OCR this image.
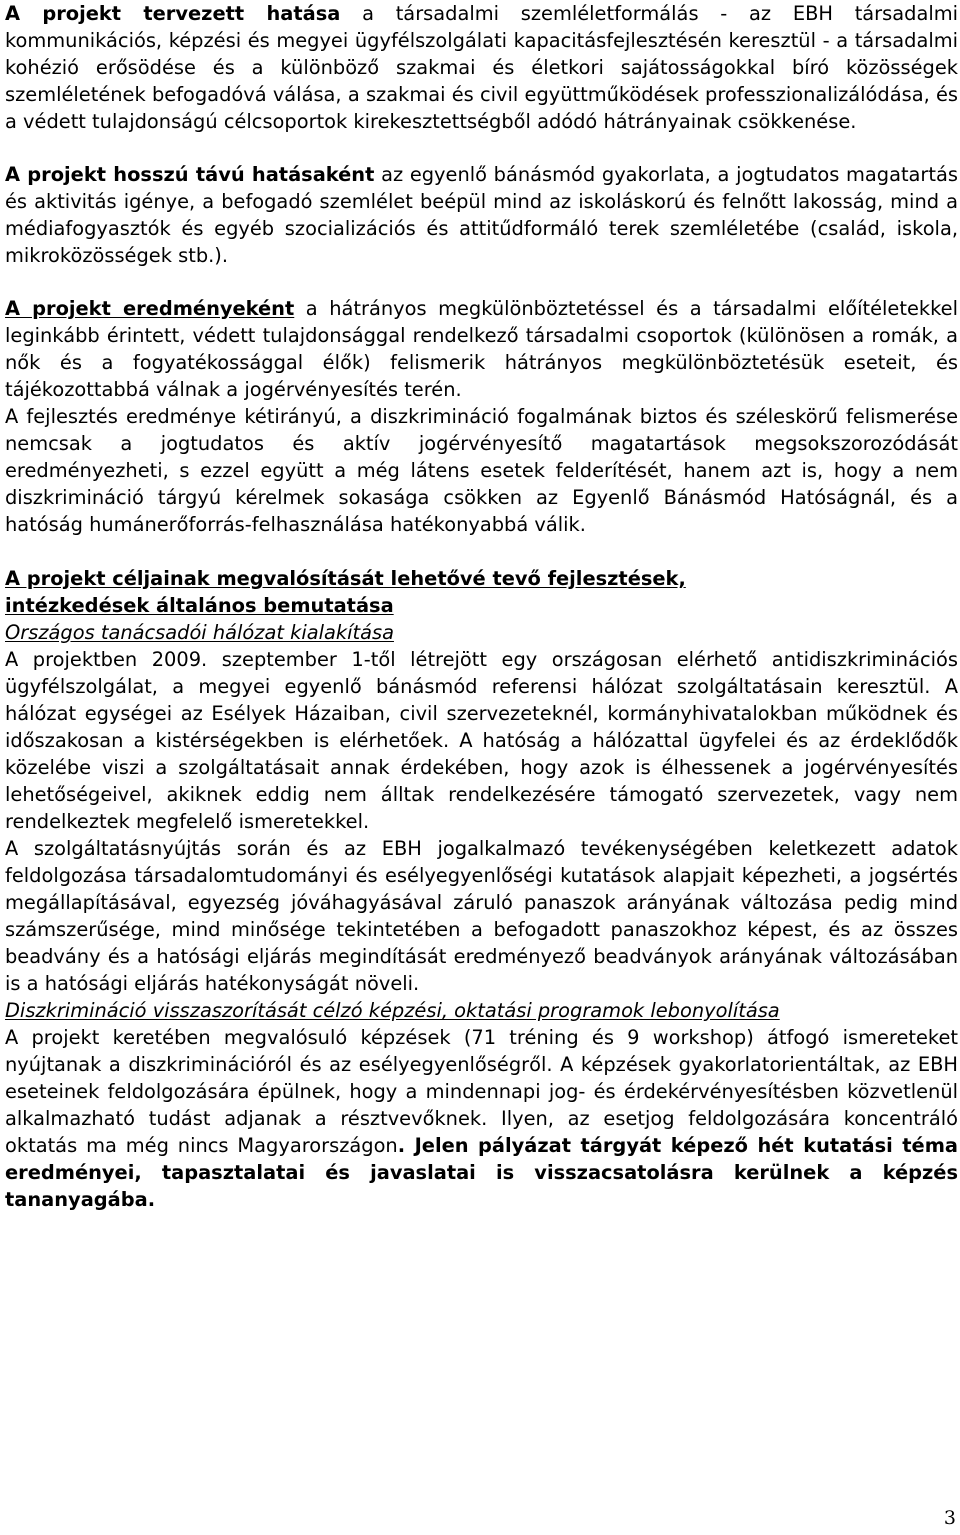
A projekt tervezett hatása a társadalmi szemléletformálás - az EBH társadalmi kommunikációs, képzési és megyei ügyfélszolgálati kapacitásfejlesztésén keresztül - a társadalmi kohézió erősödése és a különböző szakmai és életkori sajátosságokkal bíró közösségek szemléletének befogadóvá válása, a szakmai és civil együttműködések professzionalizálódása, és a védett tulajdonságú célcsoportok kirekesztettségből adódó hátrányainak csökkenése.

A projekt hosszú távú hatásaként az egyenlő bánásmód gyakorlata, a jogtudatos magatartás és aktivitás igénye, a befogadó szemlélet beépül mind az iskoláskorú és felnőtt lakosság, mind a médiafogyasztók és egyéb szocializációs és attitűdformáló terek szemléletébe (család, iskola, mikroközösségek stb.).

A projekt eredményeként a hátrányos megkülönböztetéssel és a társadalmi előítéletekkel leginkább érintett, védett tulajdonsággal rendelkező társadalmi csoportok (különösen a romák, a nők és a fogyatékossággal élők) felismerik hátrányos megkülönböztetésük eseteit, és tájékozottabbá válnak a jogérvényesítés terén.

A fejlesztés eredménye kétirányú, a diszkrimináció fogalmának biztos és széleskörű felismerése nemcsak a jogtudatos és aktív jogérvényesítő magatartások megsokszorozódását eredményezheti, s ezzel együtt a még látens esetek felderítését, hanem azt is, hogy a nem diszkrimináció tárgyú kérelmek sokasága csökken az Egyenlő Bánásmód Hatóságnál, és a hatóság humánerőforrás-felhasználása hatékonyabbá válik.

A projekt céljainak megvalósítását lehetővé tevő fejlesztések,

intézkedések általános bemutatása

Országos tanácsadói hálózat kialakítása

A projektben 2009. szeptember 1-től létrejött egy országosan elérhető antidiszkriminációs ügyfélszolgálat, a megyei egyenlő bánásmód referensi hálózat szolgáltatásain keresztül. A hálózat egységei az Esélyek Házaiban, civil szervezeteknél, kormányhivatalokban működnek és időszakosan a kistérségekben is elérhetőek. A hatóság a hálózattal ügyfelei és az érdeklődők közelébe viszi a szolgáltatásait annak érdekében, hogy azok is élhessenek a jogérvényesítés lehetőségeivel, akiknek eddig nem álltak rendelkezésére támogató szervezetek, vagy nem rendelkeztek megfelelő ismeretekkel.

A szolgáltatásnyújtás során és az EBH jogalkalmazó tevékenységében keletkezett adatok feldolgozása társadalomtudományi és esélyegyenlőségi kutatások alapjait képezheti, a jogsértés megállapításával, egyezség jóváhagyásával záruló panaszok arányának változása pedig mind számszerűsége, mind minősége tekintetében a befogadott panaszokhoz képest, és az összes beadvány és a hatósági eljárás megindítását eredményező beadványok arányának változásában is a hatósági eljárás hatékonyságát növeli.

Diszkrimináció visszaszorítását célzó képzési, oktatási programok lebonyolítása

A projekt keretében megvalósuló képzések (71 tréning és 9 workshop) átfogó ismereteket nyújtanak a diszkriminációról és az esélyegyenlőségről. A képzések gyakorlatorientáltak, az EBH eseteinek feldolgozására épülnek, hogy a mindennapi jog- és érdekérvényesítésben közvetlenül alkalmazható tudást adjanak a résztvevőknek. Ilyen, az esetjog feldolgozására koncentráló oktatás ma még nincs Magyarországon. Jelen pályázat tárgyát képező hét kutatási téma eredményei, tapasztalatai és javaslatai is visszacsatolásra kerülnek a képzés tananyagába.

3
